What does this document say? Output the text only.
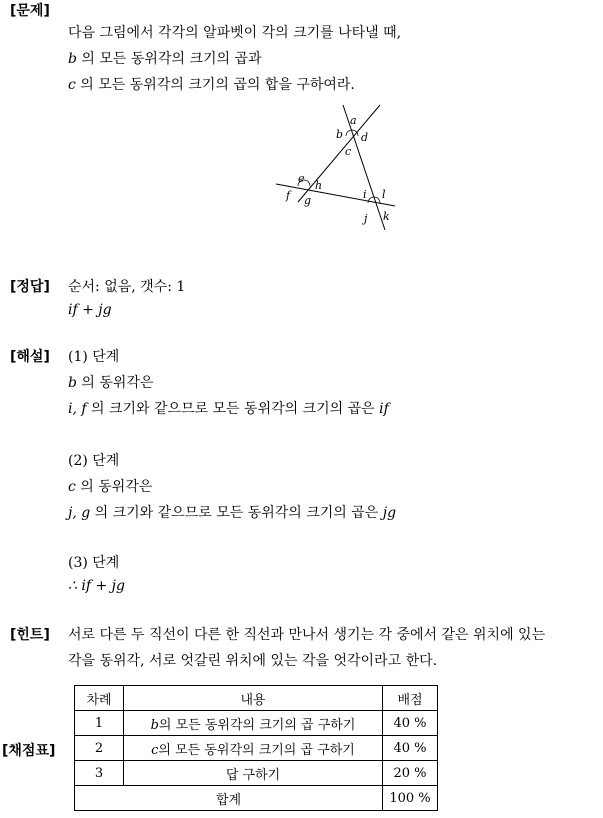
[문제]
다음 그림에서 각각의 알파벳이 각의 크기를 나타낼 때,
b 의 모든 동위각의 크기의 곱과
c 의 모든 동위각의 크기의 곱의 합을 구하여라.
a
b d
c
e
h
f g	i l
j k
[정답] 순서: 없음, 갯수: 1
if + jg
[해설] (1) 단계
b 의 동위각은
i, f 의 크기와 같으므로 모든 동위각의 크기의 곱은 if
(2) 단계
c 의 동위각은
j, g 의 크기와 같으므로 모든 동위각의 크기의 곱은 jg
(3) 단계
∴ if + jg
[힌트] 서로 다른 두 직선이 다른 한 직선과 만나서 생기는 각 중에서 같은 위치에 있는
각을 동위각, 서로 엇갈린 위치에 있는 각을 엇각이라고 한다.
[채점표]
차례	내용	배점
1	b의 모든 동위각의 크기의 곱 구하기	40 %
2	c의 모든 동위각의 크기의 곱 구하기	40 %
3	답 구하기	20 %
합계		100 %
